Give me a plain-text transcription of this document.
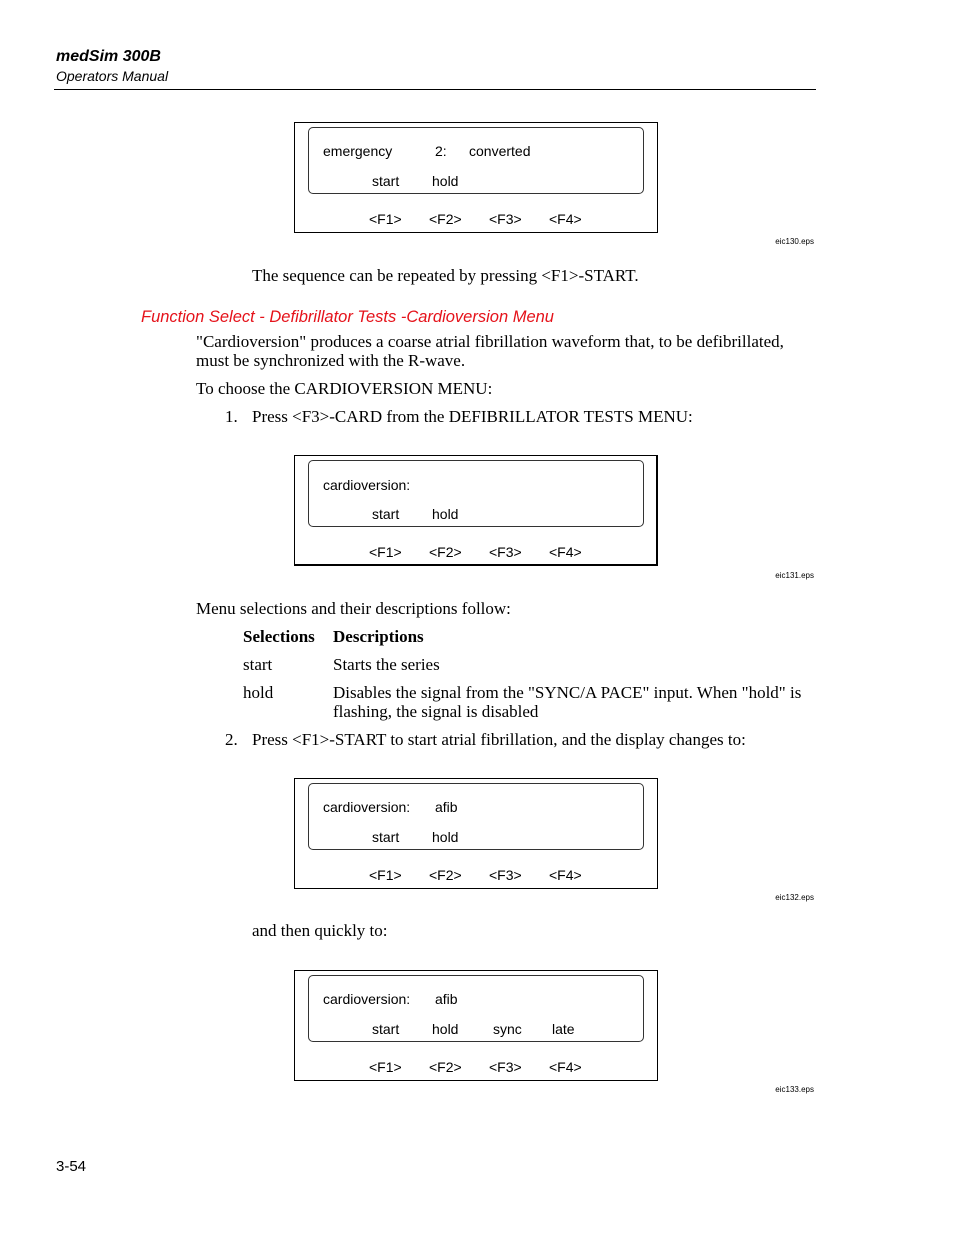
medSim 300B
Operators Manual
emergency	2: converted
start hold
<F1> <F2> <F3> <F4>
eic130.eps
The sequence can be repeated by pressing <F1>-START.
Function Select - Defibrillator Tests -Cardioversion Menu
"Cardioversion" produces a coarse atrial fibrillation waveform that, to be defibrillated,
must be synchronized with the R-wave.
To choose the CARDIOVERSION MENU:
1. Press <F3>-CARD from the DEFIBRILLATOR TESTS MENU:
cardioversion:
start hold
<F1> <F2> <F3> <F4>
eic131.eps
Menu selections and their descriptions follow:
Selections Descriptions
start	Starts the series
hold	Disables the signal from the "SYNC/A PACE" input. When "hold" is
flashing, the signal is disabled
2. Press <F1>-START to start atrial fibrillation, and the display changes to:
cardioversion: afib
start hold
<F1> <F2> <F3> <F4>
eic132.eps
and then quickly to:
cardioversion: afib
start hold sync late
<F1> <F2> <F3> <F4>
eic133.eps
3-54
